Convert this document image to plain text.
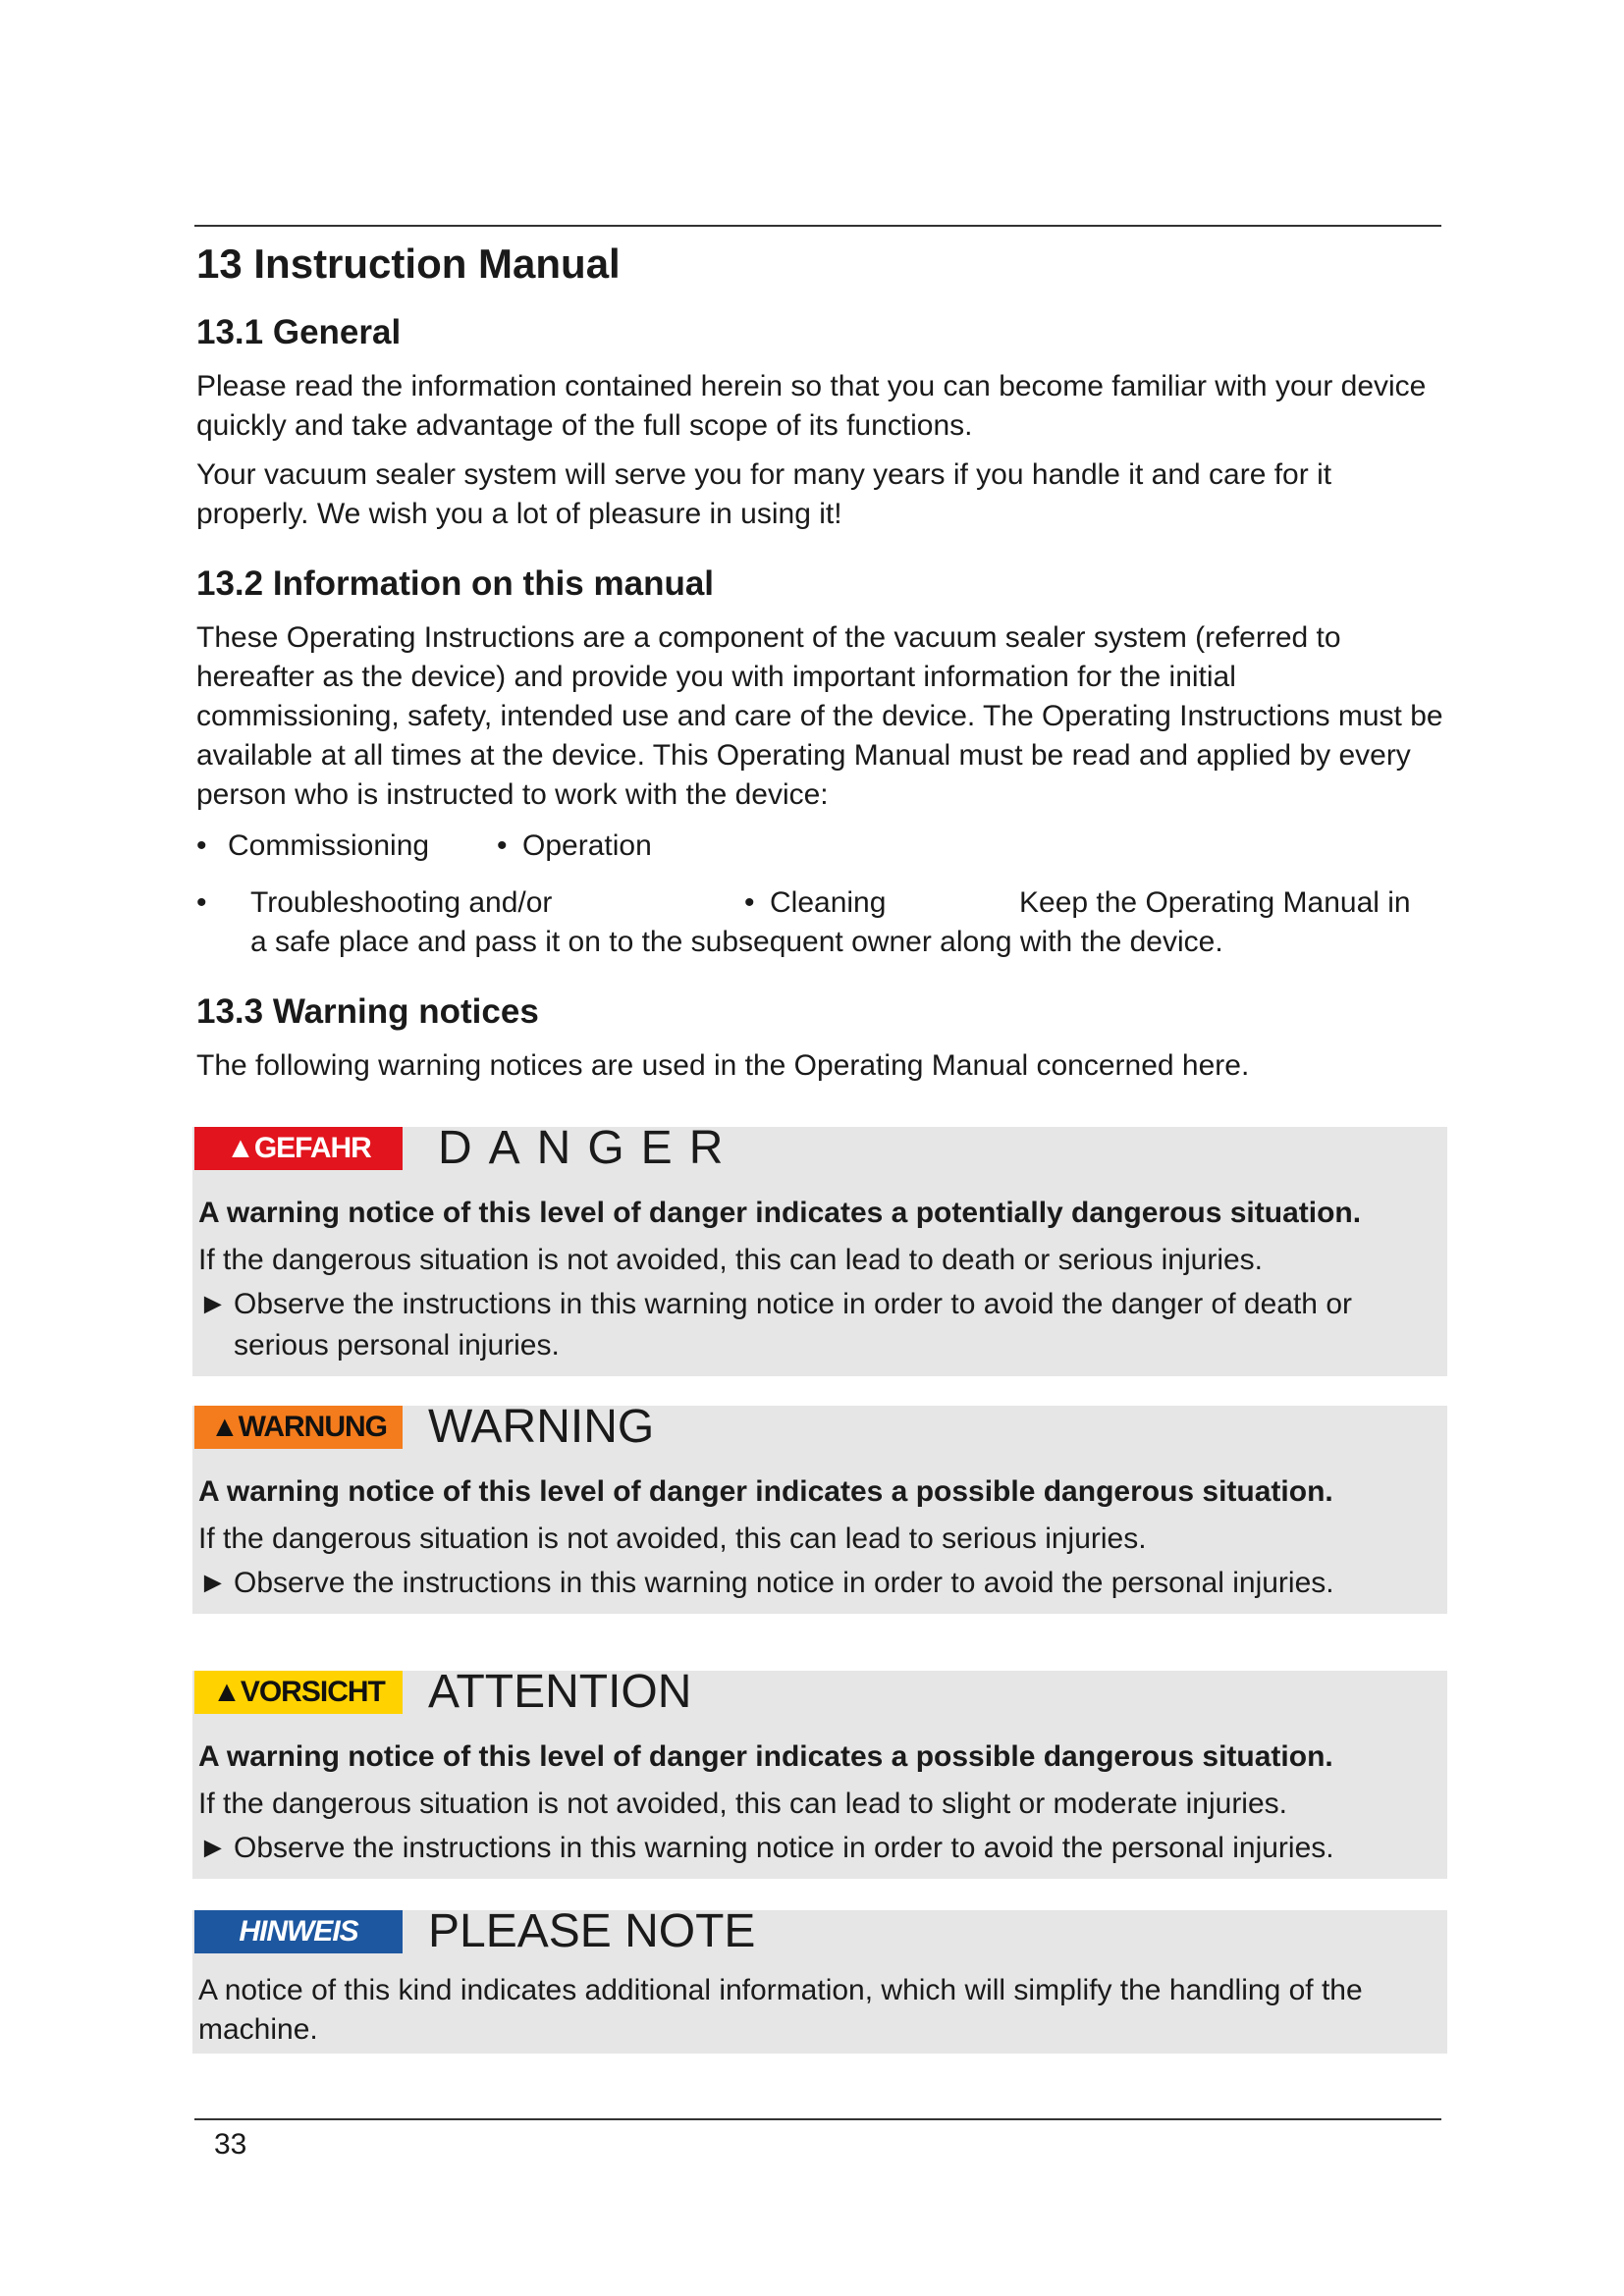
13 Instruction Manual
13.1 General

Please read the information contained herein so that you can become familiar with your device quickly and take advantage of the full scope of its functions.

Your vacuum sealer system will serve you for many years if you handle it and care for it properly. We wish you a lot of pleasure in using it!

13.2 Information on this manual

These Operating Instructions are a component of the vacuum sealer system (referred to hereafter as the device) and provide you with important information for the initial commissioning, safety, intended use and care of the device. The Operating Instructions must be available at all times at the device. This Operating Manual must be read and applied by every person who is instructed to work with the device:

• Commissioning • Operation
• Troubleshooting and/or	• Cleaning	Keep the Operating Manual in
a safe place and pass it on to the subsequent owner along with the device.
13.3 Warning notices

The following warning notices are used in the Operating Manual concerned here.

▲GEFAHR	DANGER
A warning notice of this level of danger indicates a potentially dangerous situation.
If the dangerous situation is not avoided, this can lead to death or serious injuries.
► Observe the instructions in this warning notice in order to avoid the danger of death or serious personal injuries.
▲WARNUNG WARNING
A warning notice of this level of danger indicates a possible dangerous situation.
If the dangerous situation is not avoided, this can lead to serious injuries.
► Observe the instructions in this warning notice in order to avoid the personal injuries.
▲VORSICHT ATTENTION
A warning notice of this level of danger indicates a possible dangerous situation.
If the dangerous situation is not avoided, this can lead to slight or moderate injuries.
► Observe the instructions in this warning notice in order to avoid the personal injuries.
HINWEIS	PLEASE NOTE
A notice of this kind indicates additional information, which will simplify the handling of the machine.
33
